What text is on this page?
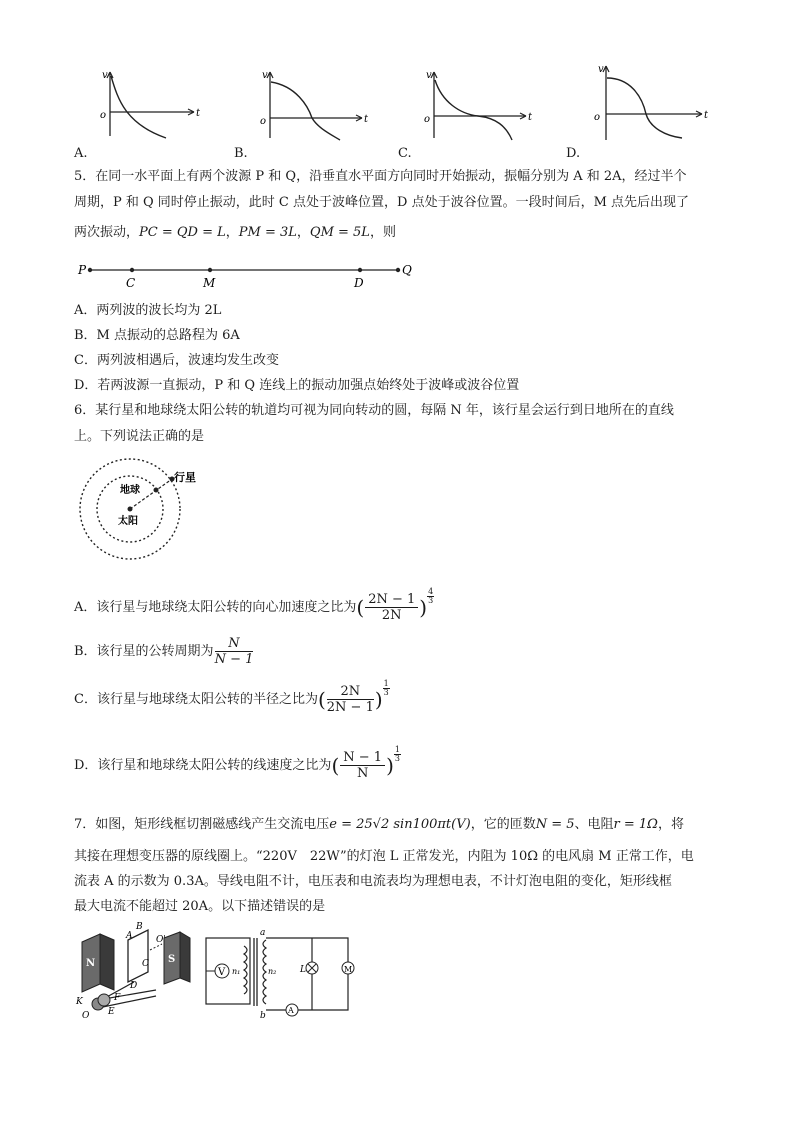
v
t
o
v
t
o
v
t
o
v
t
o
A.	B.	C.	D.
5．在同一水平面上有两个波源 P 和 Q，沿垂直水平面方向同时开始振动，振幅分别为 A 和 2A，经过半个
周期，P 和 Q 同时停止振动，此时 C 点处于波峰位置，D 点处于波谷位置。一段时间后，M 点先后出现了
两次振动，PC = QD = L，PM = 3L，QM = 5L，则
P
C	M	D
Q
A．两列波的波长均为 2L
B．M 点振动的总路程为 6A
C．两列波相遇后，波速均发生改变
D．若两波源一直振动，P 和 Q 连线上的振动加强点始终处于波峰或波谷位置
6．某行星和地球绕太阳公转的轨道均可视为同向转动的圆，每隔 N 年，该行星会运行到日地所在的直线
上。下列说法正确的是
行星
地球
太阳
A．该行星与地球绕太阳公转的向心加速度之比为( $\frac{2N - 1}{2N}$ ) $\frac{4}{3}$
B．该行星的公转周期为 $\frac{N}{N - 1}$
C．该行星与地球绕太阳公转的半径之比为( $\frac{2N}{2N - 1}$ ) $\frac{1}{3}$
D．该行星和地球绕太阳公转的线速度之比为( $\frac{N - 1}{N}$ ) $\frac{1}{3}$
7．如图，矩形线框切割磁感线产生交流电压e = 25√2 sin100πt(V)，它的匝数N = 5、电阻r = 1Ω，将
其接在理想变压器的原线圈上。“220V　22W”的灯泡 L 正常发光，内阻为 10Ω 的电风扇 M 正常工作，电
流表 A 的示数为 0.3A。导线电阻不计，电压表和电流表均为理想电表，不计灯泡电阻的变化，矩形线框
最大电流不能超过 20A。以下描述错误的是
N	S
B
A	O'
C
D
F
E
K
O
V n₁	n₂
a
b
L	M
A
